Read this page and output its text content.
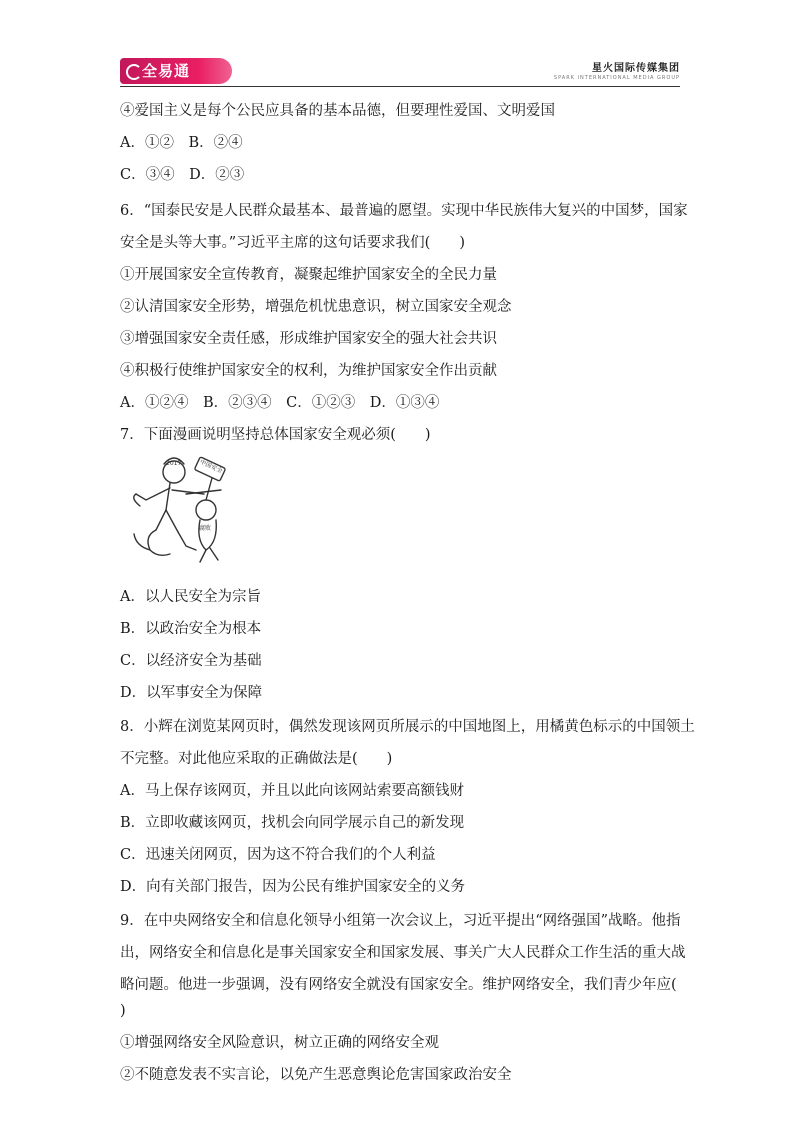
全易通	星火国际传媒集团
SPARK INTERNATIONAL MEDIA GROUP
④爱国主义是每个公民应具备的基本品德，但要理性爱国、文明爱国
A．①②　B．②④
C．③④　D．②③
6．“国泰民安是人民群众最基本、最普遍的愿望。实现中华民族伟大复兴的中国梦，国家
安全是头等大事。”习近平主席的这句话要求我们(　　)
①开展国家安全宣传教育，凝聚起维护国家安全的全民力量
②认清国家安全形势，增强危机忧患意识，树立国家安全观念
③增强国家安全责任感，形成维护国家安全的强大社会共识
④积极行使维护国家安全的权利，为维护国家安全作出贡献
A．①②④　B．②③④　C．①②③　D．①③④
7．下面漫画说明坚持总体国家安全观必须(　　)
2017	中国安全
腐败
A．以人民安全为宗旨
B．以政治安全为根本
C．以经济安全为基础
D．以军事安全为保障
8．小辉在浏览某网页时，偶然发现该网页所展示的中国地图上，用橘黄色标示的中国领土
不完整。对此他应采取的正确做法是(　　)
A．马上保存该网页，并且以此向该网站索要高额钱财
B．立即收藏该网页，找机会向同学展示自己的新发现
C．迅速关闭网页，因为这不符合我们的个人利益
D．向有关部门报告，因为公民有维护国家安全的义务
9．在中央网络安全和信息化领导小组第一次会议上，习近平提出“网络强国”战略。他指
出，网络安全和信息化是事关国家安全和国家发展、事关广大人民群众工作生活的重大战
略问题。他进一步强调，没有网络安全就没有国家安全。维护网络安全，我们青少年应(
)
①增强网络安全风险意识，树立正确的网络安全观
②不随意发表不实言论，以免产生恶意舆论危害国家政治安全
